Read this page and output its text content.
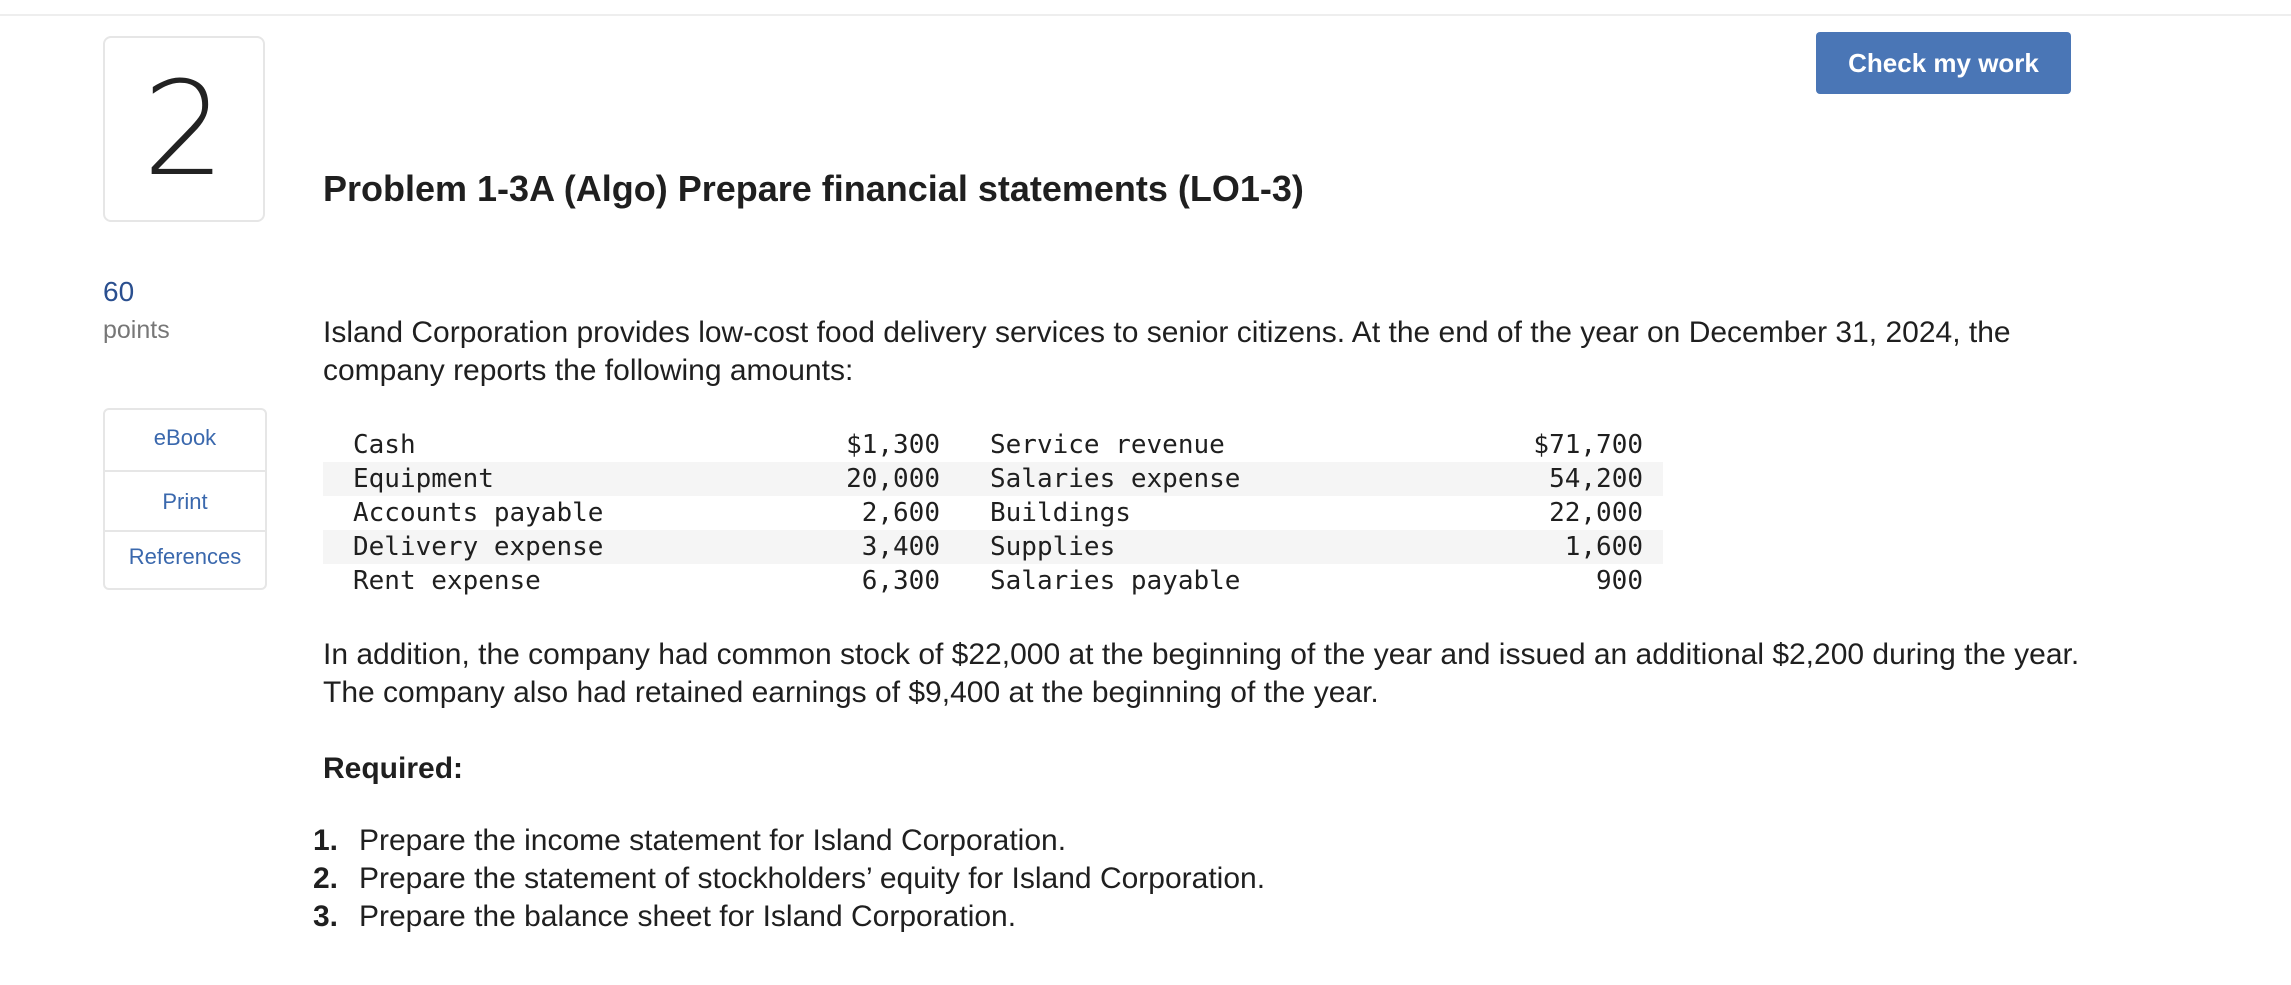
2
60
points
eBook
Print
References
Check my work
Problem 1-3A (Algo) Prepare financial statements (LO1-3)

Island Corporation provides low-cost food delivery services to senior citizens. At the end of the year on December 31, 2024, the company reports the following amounts:

Cash	$1,300	Service revenue	$71,700
Equipment	20,000	Salaries expense	54,200
Accounts payable	2,600	Buildings	22,000
Delivery expense	3,400	Supplies	1,600
Rent expense	6,300	Salaries payable	900

In addition, the company had common stock of $22,000 at the beginning of the year and issued an additional $2,200 during the year. The company also had retained earnings of $9,400 at the beginning of the year.

Required:

1. Prepare the income statement for Island Corporation.
2. Prepare the statement of stockholders’ equity for Island Corporation.
3. Prepare the balance sheet for Island Corporation.
